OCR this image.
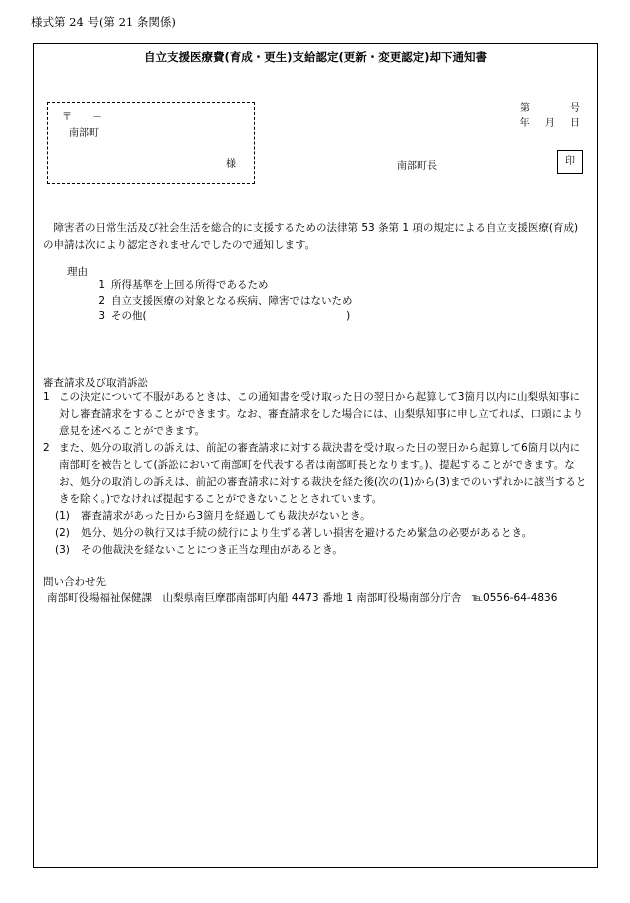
様式第 24 号(第 21 条関係)
自立支援医療費(育成・更生)支給認定(更新・変更認定)却下通知書
〒　　－
南部町
様
第　　　　号
年 月 日
南部町長	印
障害者の日常生活及び社会生活を総合的に支援するための法律第 53 条第 1 項の規定による自立支援医療(育成)の申請は次により認定されませんでしたので通知します。
理由
1 所得基準を上回る所得であるため
2 自立支援医療の対象となる疾病、障害ではないため
3 その他(　　　　　　　　　　　　　　　　　　　)
審査請求及び取消訴訟
1 この決定について不服があるときは、この通知書を受け取った日の翌日から起算して3箇月以内に山梨県知事に対し審査請求をすることができます。なお、審査請求をした場合には、山梨県知事に申し立てれば、口頭により意見を述べることができます。
2 また、処分の取消しの訴えは、前記の審査請求に対する裁決書を受け取った日の翌日から起算して6箇月以内に南部町を被告として(訴訟において南部町を代表する者は南部町長となります。)、提起することができます。なお、処分の取消しの訴えは、前記の審査請求に対する裁決を経た後(次の(1)から(3)までのいずれかに該当するときを除く。)でなければ提起することができないこととされています。
(1) 審査請求があった日から3箇月を経過しても裁決がないとき。
(2) 処分、処分の執行又は手続の続行により生ずる著しい損害を避けるため緊急の必要があるとき。
(3) その他裁決を経ないことにつき正当な理由があるとき。
問い合わせ先
南部町役場福祉保健課　山梨県南巨摩郡南部町内船 4473 番地 1 南部町役場南部分庁舎　℡0556-64-4836
